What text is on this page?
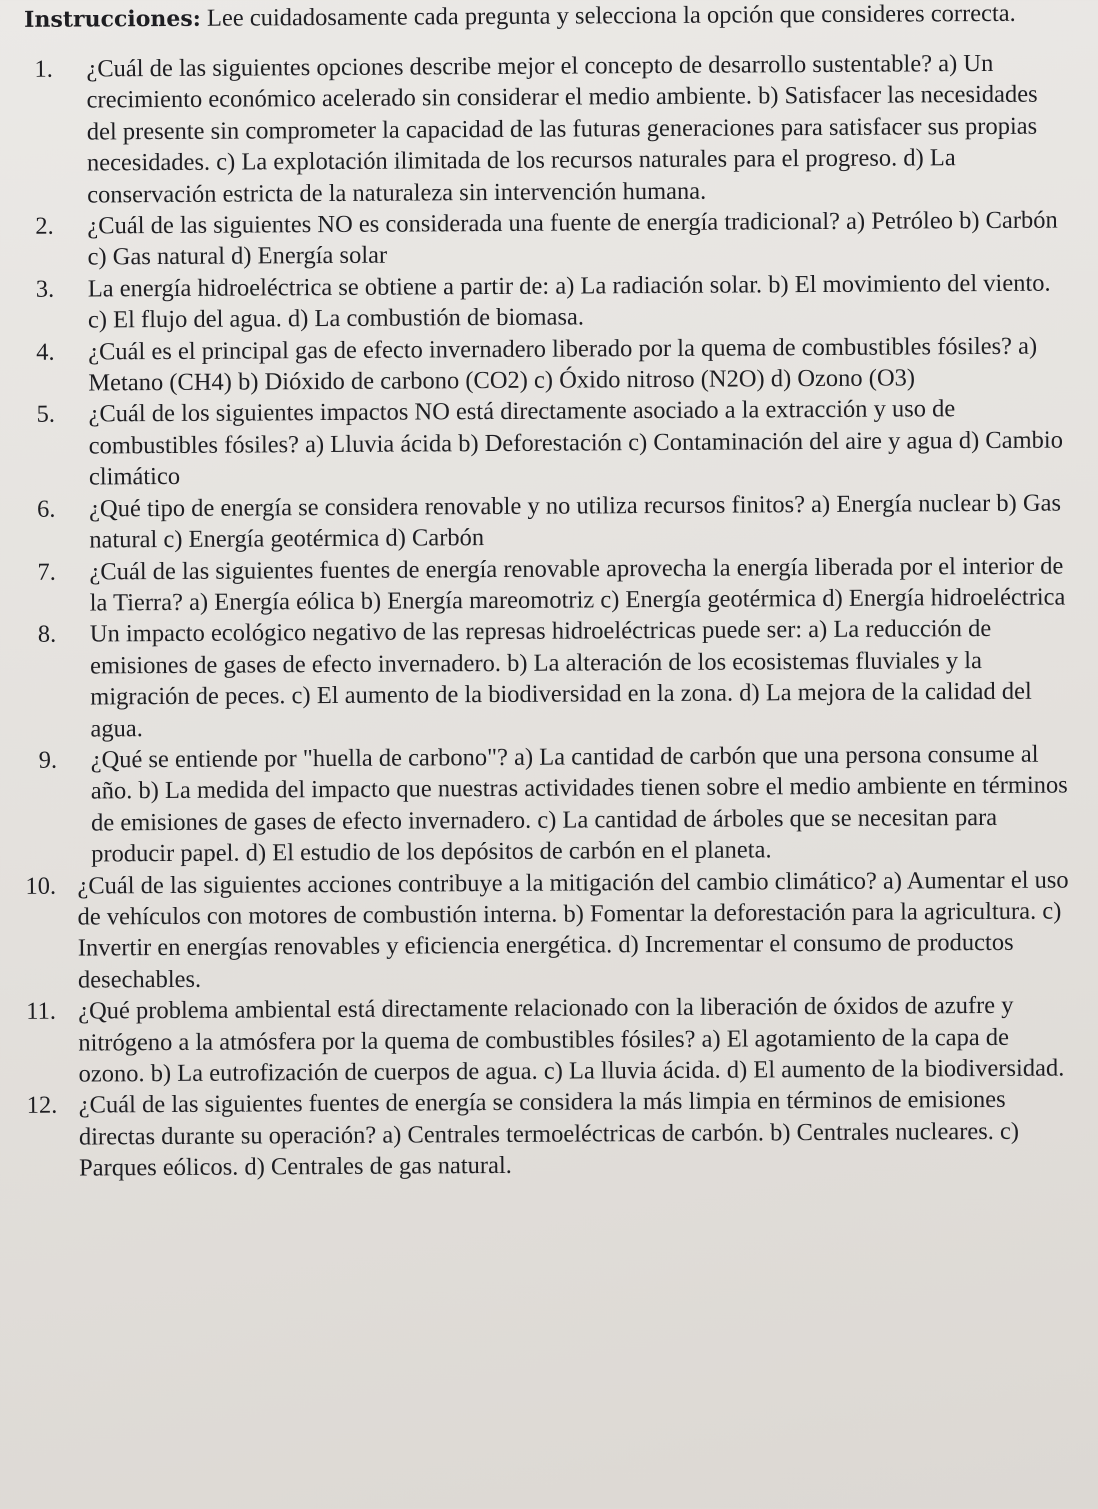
Instrucciones: Lee cuidadosamente cada pregunta y selecciona la opción que consideres correcta.

1. ¿Cuál de las siguientes opciones describe mejor el concepto de desarrollo sustentable? a) Un crecimiento económico acelerado sin considerar el medio ambiente. b) Satisfacer las necesidades del presente sin comprometer la capacidad de las futuras generaciones para satisfacer sus propias necesidades. c) La explotación ilimitada de los recursos naturales para el progreso. d) La conservación estricta de la naturaleza sin intervención humana.
2. ¿Cuál de las siguientes NO es considerada una fuente de energía tradicional? a) Petróleo b) Carbón c) Gas natural d) Energía solar
3. La energía hidroeléctrica se obtiene a partir de: a) La radiación solar. b) El movimiento del viento. c) El flujo del agua. d) La combustión de biomasa.
4. ¿Cuál es el principal gas de efecto invernadero liberado por la quema de combustibles fósiles? a) Metano (CH4) b) Dióxido de carbono (CO2) c) Óxido nitroso (N2O) d) Ozono (O3)
5. ¿Cuál de los siguientes impactos NO está directamente asociado a la extracción y uso de combustibles fósiles? a) Lluvia ácida b) Deforestación c) Contaminación del aire y agua d) Cambio climático
6. ¿Qué tipo de energía se considera renovable y no utiliza recursos finitos? a) Energía nuclear b) Gas natural c) Energía geotérmica d) Carbón
7. ¿Cuál de las siguientes fuentes de energía renovable aprovecha la energía liberada por el interior de la Tierra? a) Energía eólica b) Energía mareomotriz c) Energía geotérmica d) Energía hidroeléctrica
8. Un impacto ecológico negativo de las represas hidroeléctricas puede ser: a) La reducción de emisiones de gases de efecto invernadero. b) La alteración de los ecosistemas fluviales y la migración de peces. c) El aumento de la biodiversidad en la zona. d) La mejora de la calidad del agua.
9. ¿Qué se entiende por "huella de carbono"? a) La cantidad de carbón que una persona consume al año. b) La medida del impacto que nuestras actividades tienen sobre el medio ambiente en términos de emisiones de gases de efecto invernadero. c) La cantidad de árboles que se necesitan para producir papel. d) El estudio de los depósitos de carbón en el planeta.
10. ¿Cuál de las siguientes acciones contribuye a la mitigación del cambio climático? a) Aumentar el uso de vehículos con motores de combustión interna. b) Fomentar la deforestación para la agricultura. c) Invertir en energías renovables y eficiencia energética. d) Incrementar el consumo de productos desechables.
11. ¿Qué problema ambiental está directamente relacionado con la liberación de óxidos de azufre y nitrógeno a la atmósfera por la quema de combustibles fósiles? a) El agotamiento de la capa de ozono. b) La eutrofización de cuerpos de agua. c) La lluvia ácida. d) El aumento de la biodiversidad.
12. ¿Cuál de las siguientes fuentes de energía se considera la más limpia en términos de emisiones directas durante su operación? a) Centrales termoeléctricas de carbón. b) Centrales nucleares. c) Parques eólicos. d) Centrales de gas natural.
